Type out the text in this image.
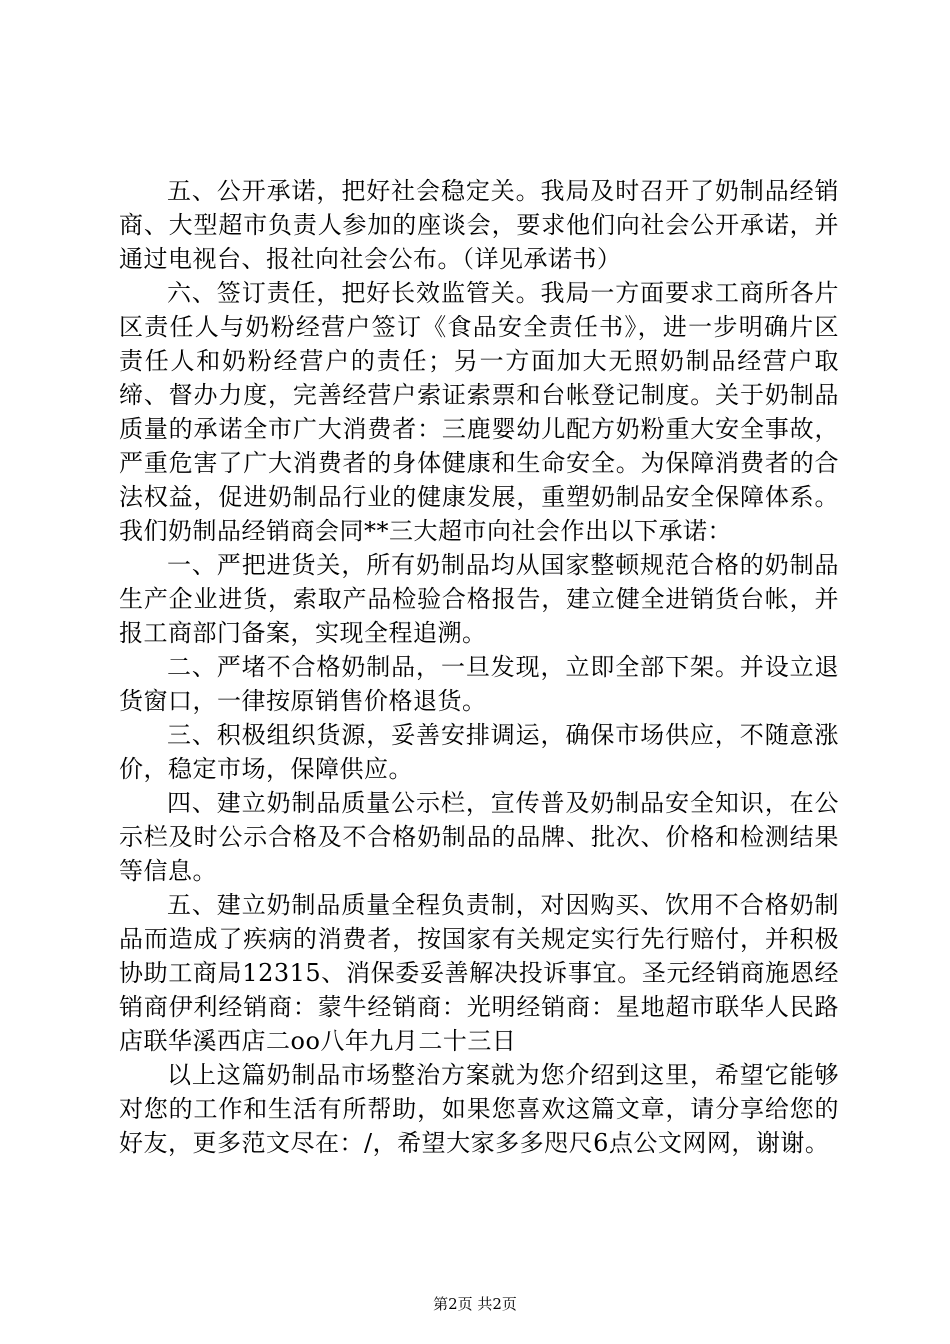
五、公开承诺，把好社会稳定关。我局及时召开了奶制品经销商、大型超市负责人参加的座谈会，要求他们向社会公开承诺，并通过电视台、报社向社会公布。（详见承诺书）

六、签订责任，把好长效监管关。我局一方面要求工商所各片区责任人与奶粉经营户签订《食品安全责任书》，进一步明确片区责任人和奶粉经营户的责任；另一方面加大无照奶制品经营户取缔、督办力度，完善经营户索证索票和台帐登记制度。关于奶制品质量的承诺全市广大消费者：三鹿婴幼儿配方奶粉重大安全事故，严重危害了广大消费者的身体健康和生命安全。为保障消费者的合法权益，促进奶制品行业的健康发展，重塑奶制品安全保障体系。我们奶制品经销商会同**三大超市向社会作出以下承诺：

一、严把进货关，所有奶制品均从国家整顿规范合格的奶制品生产企业进货，索取产品检验合格报告，建立健全进销货台帐，并报工商部门备案，实现全程追溯。

二、严堵不合格奶制品，一旦发现，立即全部下架。并设立退货窗口，一律按原销售价格退货。

三、积极组织货源，妥善安排调运，确保市场供应，不随意涨价，稳定市场，保障供应。

四、建立奶制品质量公示栏，宣传普及奶制品安全知识，在公示栏及时公示合格及不合格奶制品的品牌、批次、价格和检测结果等信息。

五、建立奶制品质量全程负责制，对因购买、饮用不合格奶制品而造成了疾病的消费者，按国家有关规定实行先行赔付，并积极协助工商局12315、消保委妥善解决投诉事宜。圣元经销商施恩经销商伊利经销商：蒙牛经销商：光明经销商：星地超市联华人民路店联华溪西店二oo八年九月二十三日

以上这篇奶制品市场整治方案就为您介绍到这里，希望它能够对您的工作和生活有所帮助，如果您喜欢这篇文章，请分享给您的好友，更多范文尽在：/，希望大家多多咫尺6点公文网网，谢谢。

第2页 共2页
